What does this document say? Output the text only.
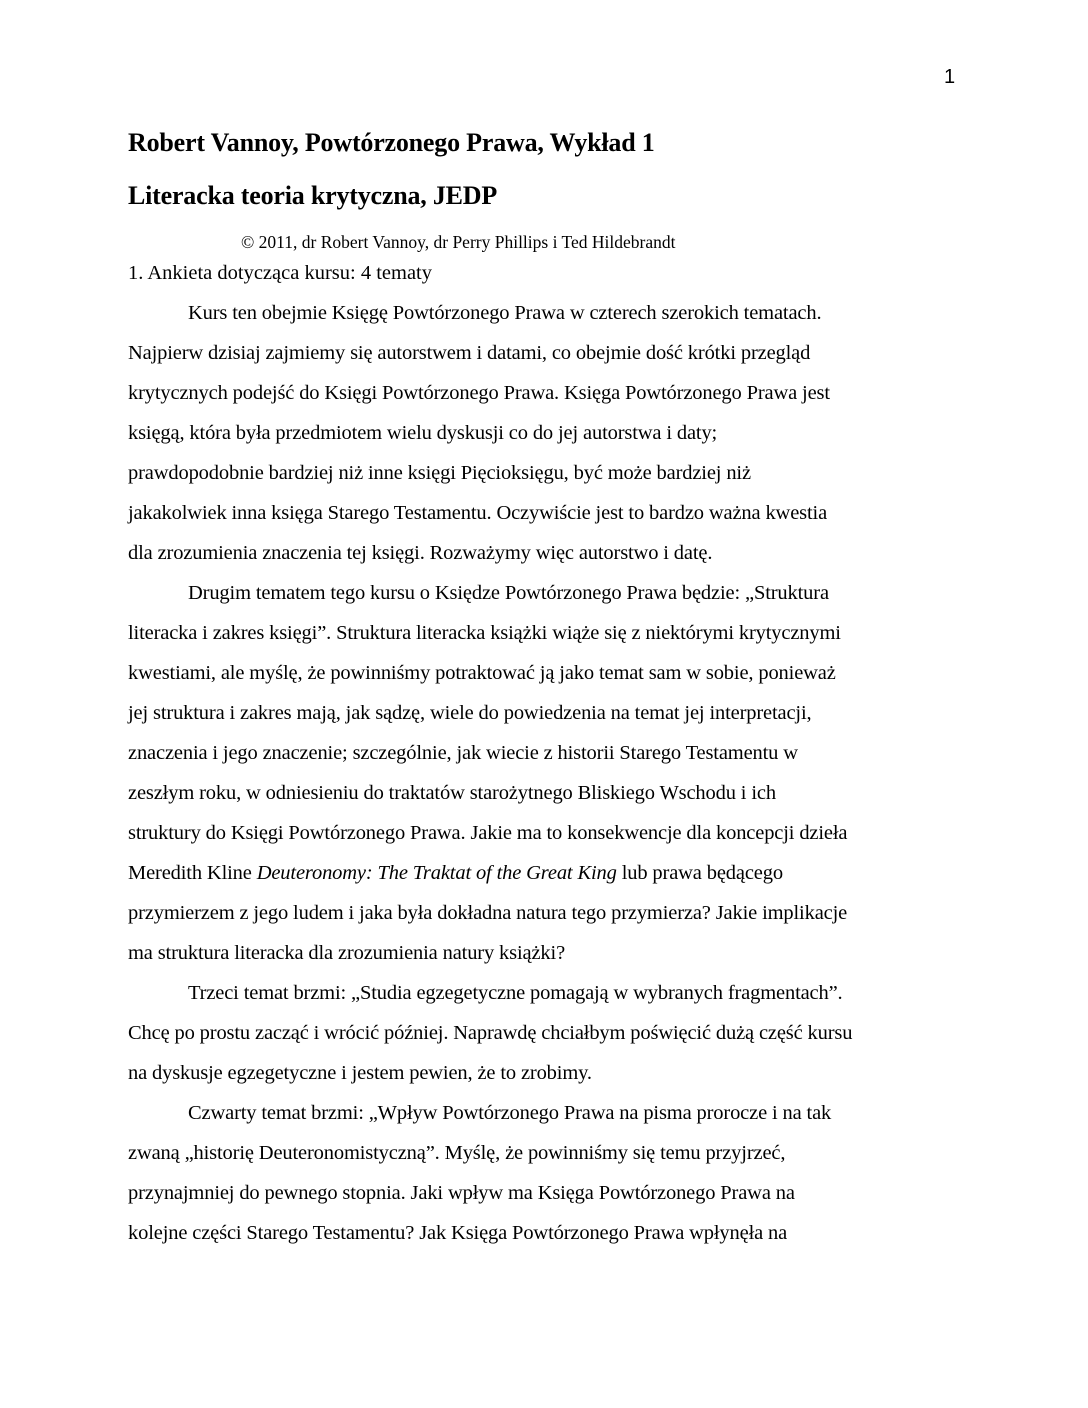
1
Robert Vannoy, Powtórzonego Prawa, Wykład 1
Literacka teoria krytyczna, JEDP
© 2011, dr Robert Vannoy, dr Perry Phillips i Ted Hildebrandt
1. Ankieta dotycząca kursu: 4 tematy
Kurs ten obejmie Księgę Powtórzonego Prawa w czterech szerokich tematach.
Najpierw dzisiaj zajmiemy się autorstwem i datami, co obejmie dość krótki przegląd
krytycznych podejść do Księgi Powtórzonego Prawa. Księga Powtórzonego Prawa jest
księgą, która była przedmiotem wielu dyskusji co do jej autorstwa i daty;
prawdopodobnie bardziej niż inne księgi Pięcioksięgu, być może bardziej niż
jakakolwiek inna księga Starego Testamentu. Oczywiście jest to bardzo ważna kwestia
dla zrozumienia znaczenia tej księgi. Rozważymy więc autorstwo i datę.
Drugim tematem tego kursu o Księdze Powtórzonego Prawa będzie: „Struktura
literacka i zakres księgi”. Struktura literacka książki wiąże się z niektórymi krytycznymi
kwestiami, ale myślę, że powinniśmy potraktować ją jako temat sam w sobie, ponieważ
jej struktura i zakres mają, jak sądzę, wiele do powiedzenia na temat jej interpretacji,
znaczenia i jego znaczenie; szczególnie, jak wiecie z historii Starego Testamentu w
zeszłym roku, w odniesieniu do traktatów starożytnego Bliskiego Wschodu i ich
struktury do Księgi Powtórzonego Prawa. Jakie ma to konsekwencje dla koncepcji dzieła
Meredith Kline Deuteronomy: The Traktat of the Great King lub prawa będącego
przymierzem z jego ludem i jaka była dokładna natura tego przymierza? Jakie implikacje
ma struktura literacka dla zrozumienia natury książki?
Trzeci temat brzmi: „Studia egzegetyczne pomagają w wybranych fragmentach”.
Chcę po prostu zacząć i wrócić później. Naprawdę chciałbym poświęcić dużą część kursu
na dyskusje egzegetyczne i jestem pewien, że to zrobimy.
Czwarty temat brzmi: „Wpływ Powtórzonego Prawa na pisma prorocze i na tak
zwaną „historię Deuteronomistyczną”. Myślę, że powinniśmy się temu przyjrzeć,
przynajmniej do pewnego stopnia. Jaki wpływ ma Księga Powtórzonego Prawa na
kolejne części Starego Testamentu? Jak Księga Powtórzonego Prawa wpłynęła na
